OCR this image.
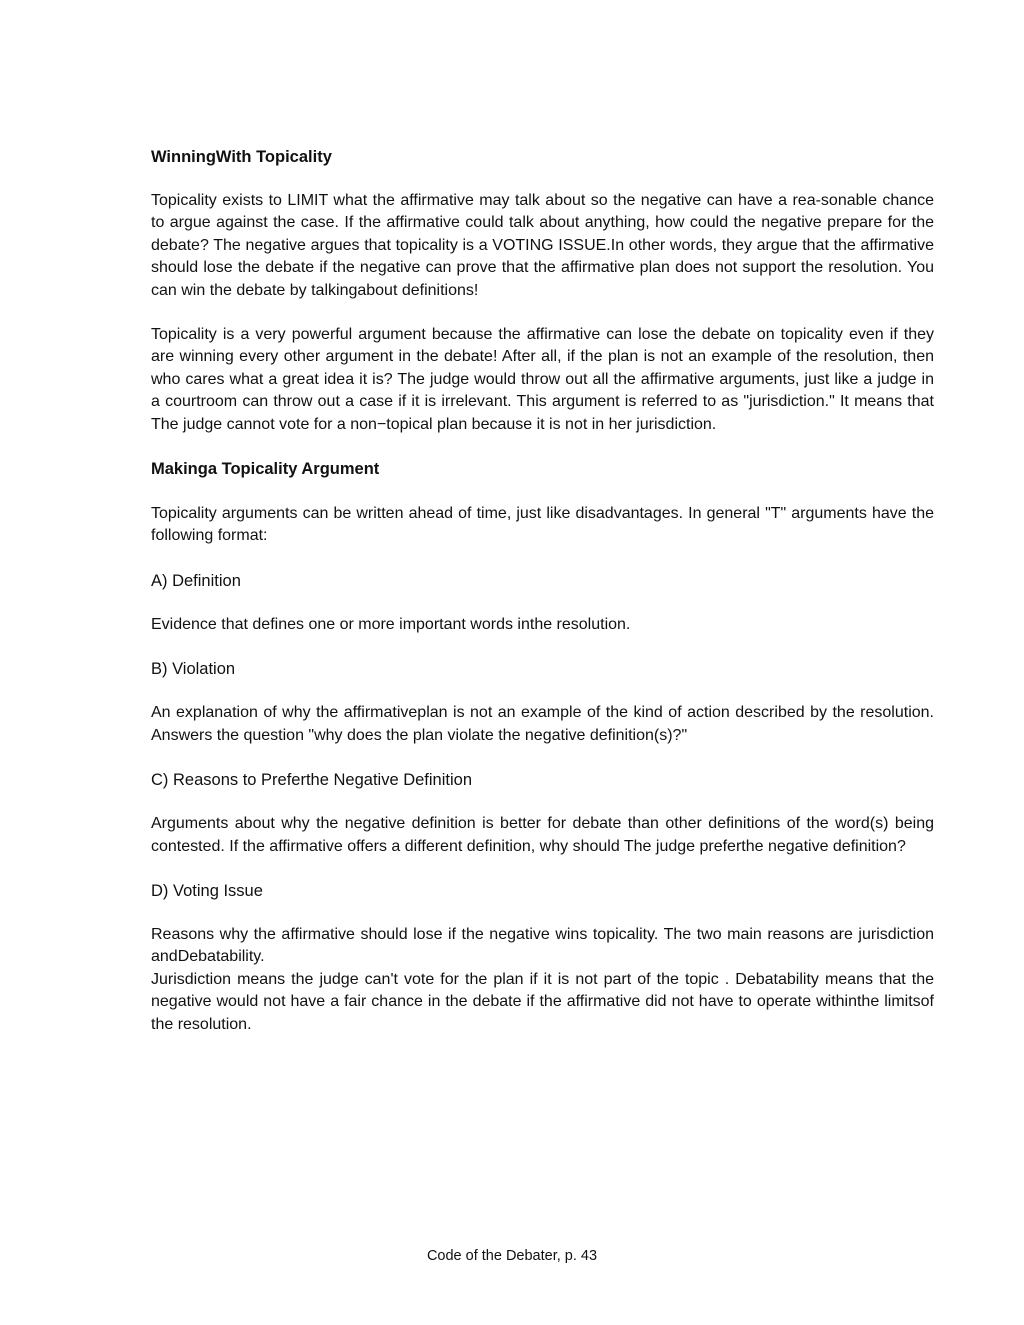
WinningWith Topicality

Topicality exists to LIMIT what the affirmative may talk about so the negative can have a rea-sonable chance to argue against the case. If the affirmative could talk about anything, how could the negative prepare for the debate? The negative argues that topicality is a VOTING ISSUE.In other words, they argue that the affirmative should lose the debate if the negative can prove that the affirmative plan does not support the resolution. You can win the debate by talkingabout definitions!

Topicality is a very powerful argument because the affirmative can lose the debate on topicality even if they are winning every other argument in the debate! After all, if the plan is not an example of the resolution, then who cares what a great idea it is? The judge would throw out all the affirmative arguments, just like a judge in a courtroom can throw out a case if it is irrelevant. This argument is referred to as "jurisdiction." It means that The judge cannot vote for a non−topical plan because it is not in her jurisdiction.

Makinga Topicality Argument

Topicality arguments can be written ahead of time, just like disadvantages. In general "T" arguments have the following format:

A) Definition

Evidence that defines one or more important words inthe resolution.

B) Violation

An explanation of why the affirmativeplan is not an example of the kind of action described by the resolution. Answers the question "why does the plan violate the negative definition(s)?"

C) Reasons to Preferthe Negative Definition

Arguments about why the negative definition is better for debate than other definitions of the word(s) being contested. If the affirmative offers a different definition, why should The judge preferthe negative definition?

D) Voting Issue

Reasons why the affirmative should lose if the negative wins topicality. The two main reasons are jurisdiction andDebatability.

Jurisdiction means the judge can't vote for the plan if it is not part of the topic . Debatability means that the negative would not have a fair chance in the debate if the affirmative did not have to operate withinthe limitsof the resolution.

Code of the Debater, p. 43
